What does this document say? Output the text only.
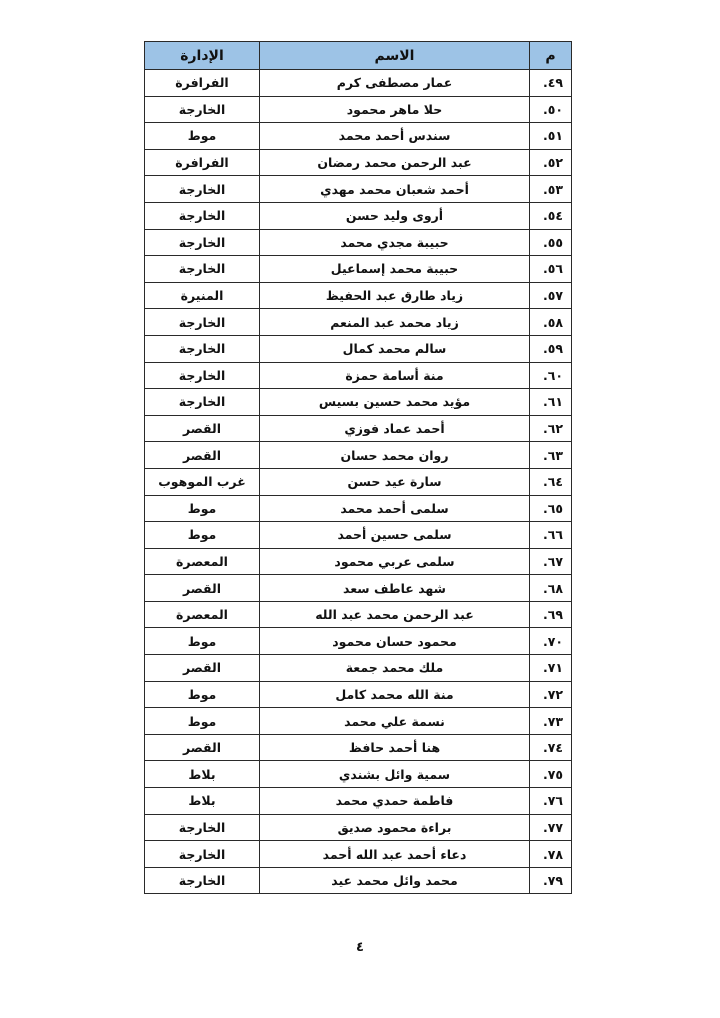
م	الاسم	الإدارة
٤٩.	عمار مصطفى كرم	الفرافرة
٥٠.	حلا ماهر محمود	الخارجة
٥١.	سندس أحمد محمد	موط
٥٢.	عبد الرحمن محمد رمضان	الفرافرة
٥٣.	أحمد شعبان محمد مهدي	الخارجة
٥٤.	أروى وليد حسن	الخارجة
٥٥.	حبيبة مجدي محمد	الخارجة
٥٦.	حبيبة محمد إسماعيل	الخارجة
٥٧.	زياد طارق عبد الحفيظ	المنيرة
٥٨.	زياد محمد عبد المنعم	الخارجة
٥٩.	سالم محمد كمال	الخارجة
٦٠.	منة أسامة حمزة	الخارجة
٦١.	مؤيد محمد حسين بسيس	الخارجة
٦٢.	أحمد عماد فوزي	القصر
٦٣.	روان محمد حسان	القصر
٦٤.	سارة عيد حسن	غرب الموهوب
٦٥.	سلمى أحمد محمد	موط
٦٦.	سلمى حسين أحمد	موط
٦٧.	سلمى عربي محمود	المعصرة
٦٨.	شهد عاطف سعد	القصر
٦٩.	عبد الرحمن محمد عبد الله	المعصرة
٧٠.	محمود حسان محمود	موط
٧١.	ملك محمد جمعة	القصر
٧٢.	منة الله محمد كامل	موط
٧٣.	نسمة علي محمد	موط
٧٤.	هنا أحمد حافظ	القصر
٧٥.	سمية وائل بشندي	بلاط
٧٦.	فاطمة حمدي محمد	بلاط
٧٧.	براءة محمود صديق	الخارجة
٧٨.	دعاء أحمد عبد الله أحمد	الخارجة
٧٩.	محمد وائل محمد عيد	الخارجة
٤
